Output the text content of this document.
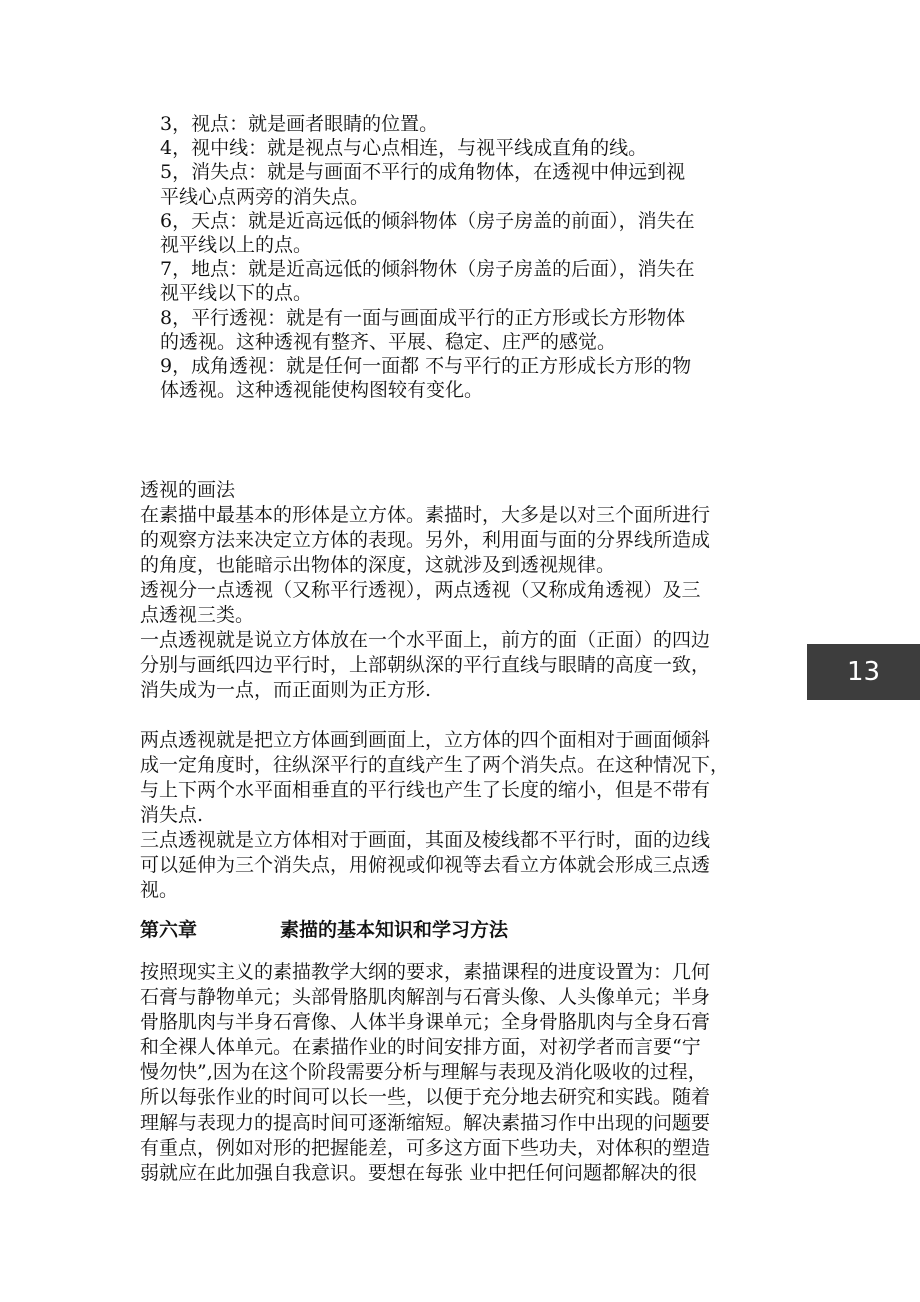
3，视点：就是画者眼睛的位置。
4，视中线：就是视点与心点相连，与视平线成直角的线。
5，消失点：就是与画面不平行的成角物体，在透视中伸远到视
平线心点两旁的消失点。
6，天点：就是近高远低的倾斜物体（房子房盖的前面），消失在
视平线以上的点。
7，地点：就是近高远低的倾斜物休（房子房盖的后面），消失在
视平线以下的点。
8，平行透视：就是有一面与画面成平行的正方形或长方形物体
的透视。这种透视有整齐、平展、稳定、庄严的感觉。
9，成角透视：就是任何一面都 不与平行的正方形成长方形的物
体透视。这种透视能使构图较有变化。
透视的画法
在素描中最基本的形体是立方体。素描时，大多是以对三个面所进行
的观察方法来决定立方体的表现。另外，利用面与面的分界线所造成
的角度，也能暗示出物体的深度，这就涉及到透视规律。
透视分一点透视（又称平行透视），两点透视（又称成角透视）及三
点透视三类。
一点透视就是说立方体放在一个水平面上，前方的面（正面）的四边
分别与画纸四边平行时，上部朝纵深的平行直线与眼睛的高度一致，
消失成为一点，而正面则为正方形.
两点透视就是把立方体画到画面上，立方体的四个面相对于画面倾斜
成一定角度时，往纵深平行的直线产生了两个消失点。在这种情况下，
与上下两个水平面相垂直的平行线也产生了长度的缩小，但是不带有
消失点.
三点透视就是立方体相对于画面，其面及棱线都不平行时，面的边线
可以延伸为三个消失点，用俯视或仰视等去看立方体就会形成三点透
视。
第六章	素描的基本知识和学习方法
按照现实主义的素描教学大纲的要求，素描课程的进度设置为：几何
石膏与静物单元；头部骨胳肌肉解剖与石膏头像、人头像单元；半身
骨胳肌肉与半身石膏像、人体半身课单元；全身骨胳肌肉与全身石膏
和全裸人体单元。在素描作业的时间安排方面，对初学者而言要“宁
慢勿快”,因为在这个阶段需要分析与理解与表现及消化吸收的过程，
所以每张作业的时间可以长一些，以便于充分地去研究和实践。随着
理解与表现力的提高时间可逐渐缩短。解决素描习作中出现的问题要
有重点，例如对形的把握能差，可多这方面下些功夫，对体积的塑造
弱就应在此加强自我意识。要想在每张 业中把任何问题都解决的很
13
